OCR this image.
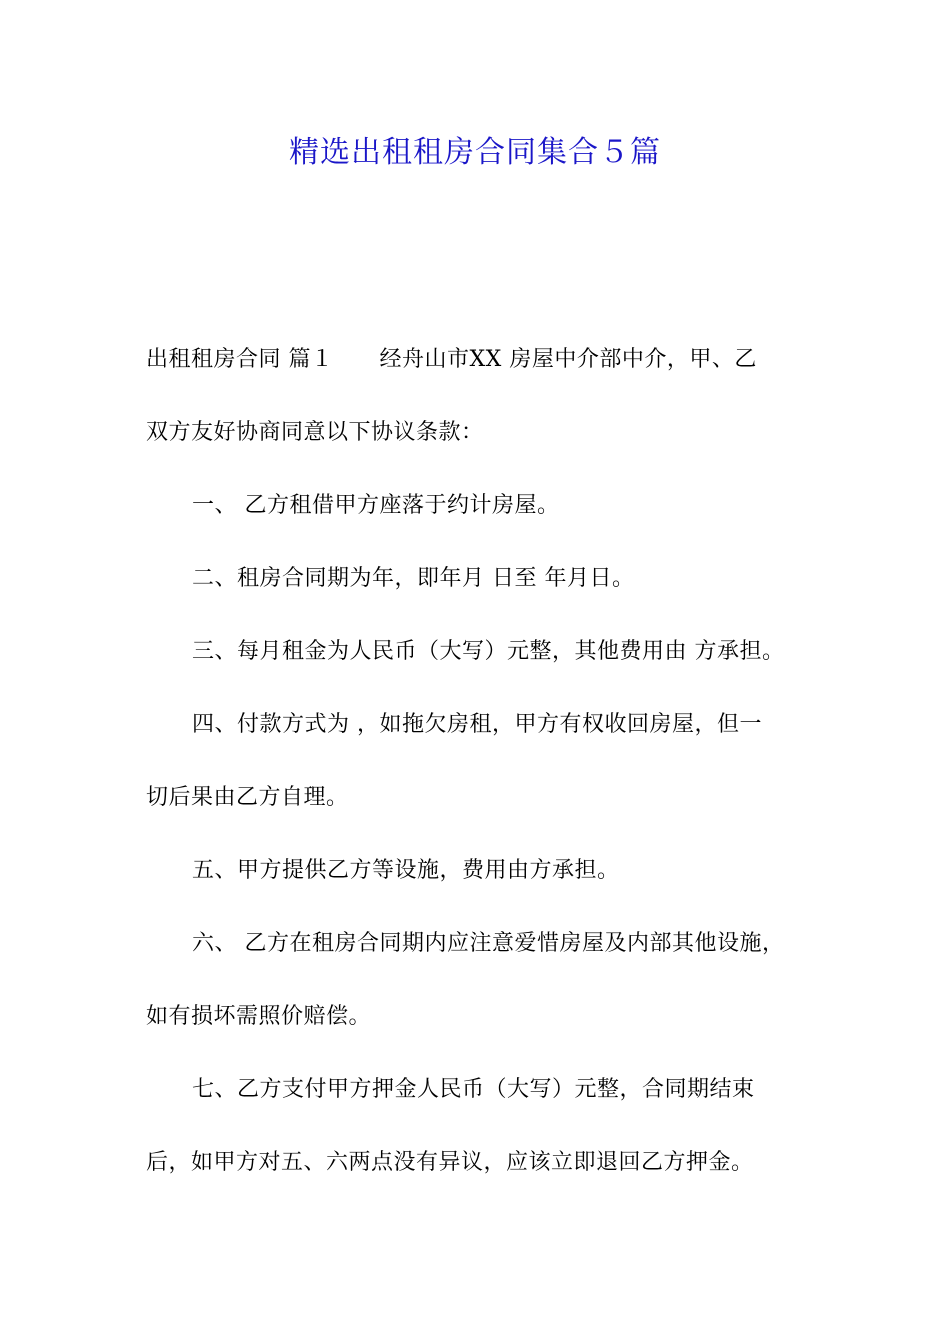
精选出租租房合同集合５篇
出租租房合同 篇１ 经舟山市XX 房屋中介部中介，甲、乙
双方友好协商同意以下协议条款：
一、 乙方租借甲方座落于约计房屋。
二、租房合同期为年，即年月 日至 年月日。
三、每月租金为人民币（大写）元整，其他费用由 方承担。
四、付款方式为 ，如拖欠房租，甲方有权收回房屋，但一
切后果由乙方自理。
五、甲方提供乙方等设施，费用由方承担。
六、 乙方在租房合同期内应注意爱惜房屋及内部其他设施，
如有损坏需照价赔偿。
七、乙方支付甲方押金人民币（大写）元整，合同期结束
后，如甲方对五、六两点没有异议，应该立即退回乙方押金。
